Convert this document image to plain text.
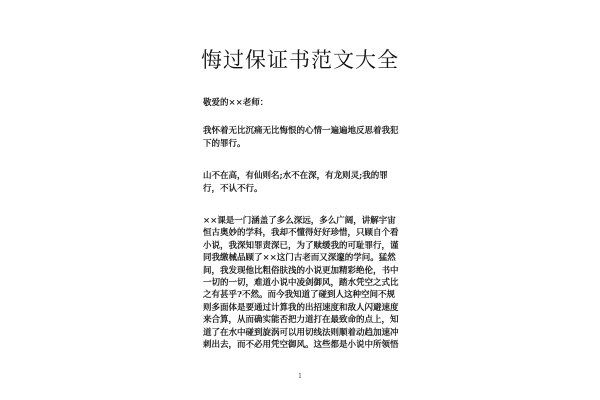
悔过保证书范文大全

敬爱的××老师：

我怀着无比沉痛无比悔恨的心情一遍遍地反思着我犯下的罪行。

山不在高，有仙则名;水不在深，有龙则灵;我的罪行，不认不行。

××课是一门涵盖了多么深远，多么广阔，讲解宇宙恒古奥妙的学科，我却不懂得好好珍惜，只顾自个看小说，我深知罪责深已，为了赎缓我的可耻罪行，谨同我缴械品顾了××这门古老而又深邃的学问。猛然间，我发现他比粗俗肤浅的小说更加精彩绝伦，书中一切的一切，难道小说中凌剑御风，踏水凭空之式比之有甚乎?不然。而今我知道了碰到人这种空间不规则多面体是要通过计算我的出招速度和敌人闪避速度来合算，从而确实能否把力道打在最致命的点上，知道了在水中碰到旋涡可以用切线法则顺着动趋加速冲刺出去，而不必用凭空御风。这些都是小说中所领悟

1
